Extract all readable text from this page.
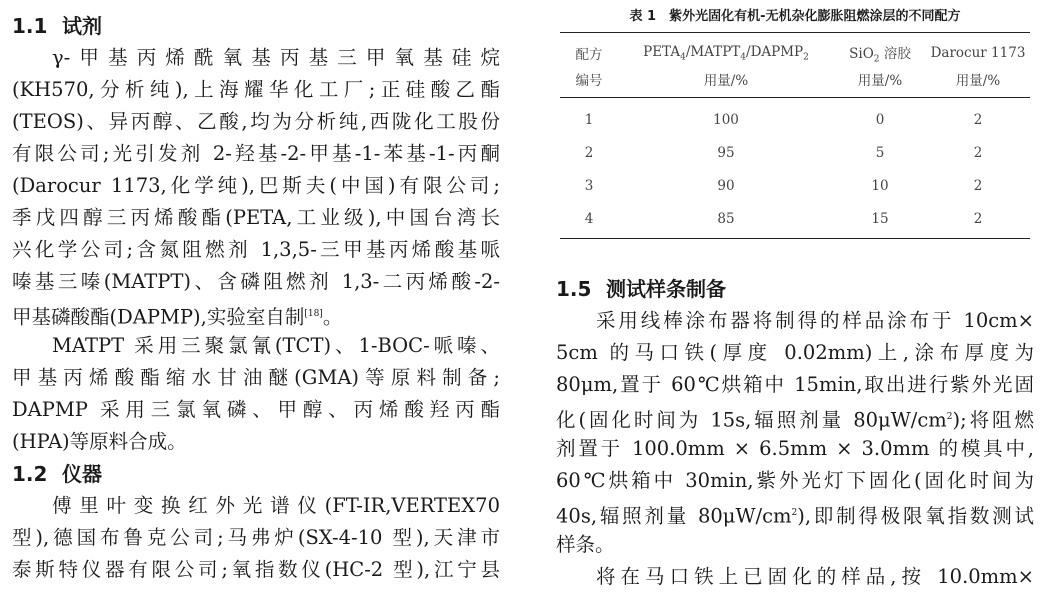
1.1 试剂
γ-甲基丙烯酰氧基丙基三甲氧基硅烷
(KH570,分析纯),上海耀华化工厂;正硅酸乙酯
(TEOS)、异丙醇、乙酸,均为分析纯,西陇化工股份
有限公司;光引发剂 2-羟基-2-甲基-1-苯基-1-丙酮
(Darocur 1173,化学纯),巴斯夫(中国)有限公司;
季戊四醇三丙烯酸酯(PETA,工业级),中国台湾长
兴化学公司;含氮阻燃剂 1,3,5-三甲基丙烯酸基哌
嗪基三嗪(MATPT)、含磷阻燃剂 1,3-二丙烯酸-2-
甲基磷酸酯(DAPMP),实验室自制[18]。
MATPT 采用三聚氯氰(TCT)、1-BOC-哌嗪、
甲基丙烯酸酯缩水甘油醚(GMA)等原料制备;
DAPMP 采用三氯氧磷、甲醇、丙烯酸羟丙酯
(HPA)等原料合成。
1.2 仪器
傅里叶变换红外光谱仪(FT-IR,VERTEX70
型),德国布鲁克公司;马弗炉(SX-4-10 型),天津市
泰斯特仪器有限公司;氧指数仪(HC-2 型),江宁县
表 1　紫外光固化有机-无机杂化膨胀阻燃涂层的不同配方
配方	$PETA_4/MATPT_4/DAPMP_2$	SiO$_2$ 溶胶	Darocur 1173
编号	用量/%	用量/%	用量/%
1	100	0	2
2	95	5	2
3	90	10	2
4	85	15	2
1.5 测试样条制备
采用线棒涂布器将制得的样品涂布于 10cm×
5cm 的马口铁(厚度 0.02mm)上,涂布厚度为
80μm,置于 60℃烘箱中 15min,取出进行紫外光固
化(固化时间为 15s,辐照剂量 $80\mu W/cm^2$);将阻燃
剂置于 100.0mm × 6.5mm × 3.0mm 的模具中,
60℃烘箱中 30min,紫外光灯下固化(固化时间为
40s,辐照剂量 $80\mu W/cm^2$),即制得极限氧指数测试
样条。
将在马口铁上已固化的样品,按 10.0mm×
